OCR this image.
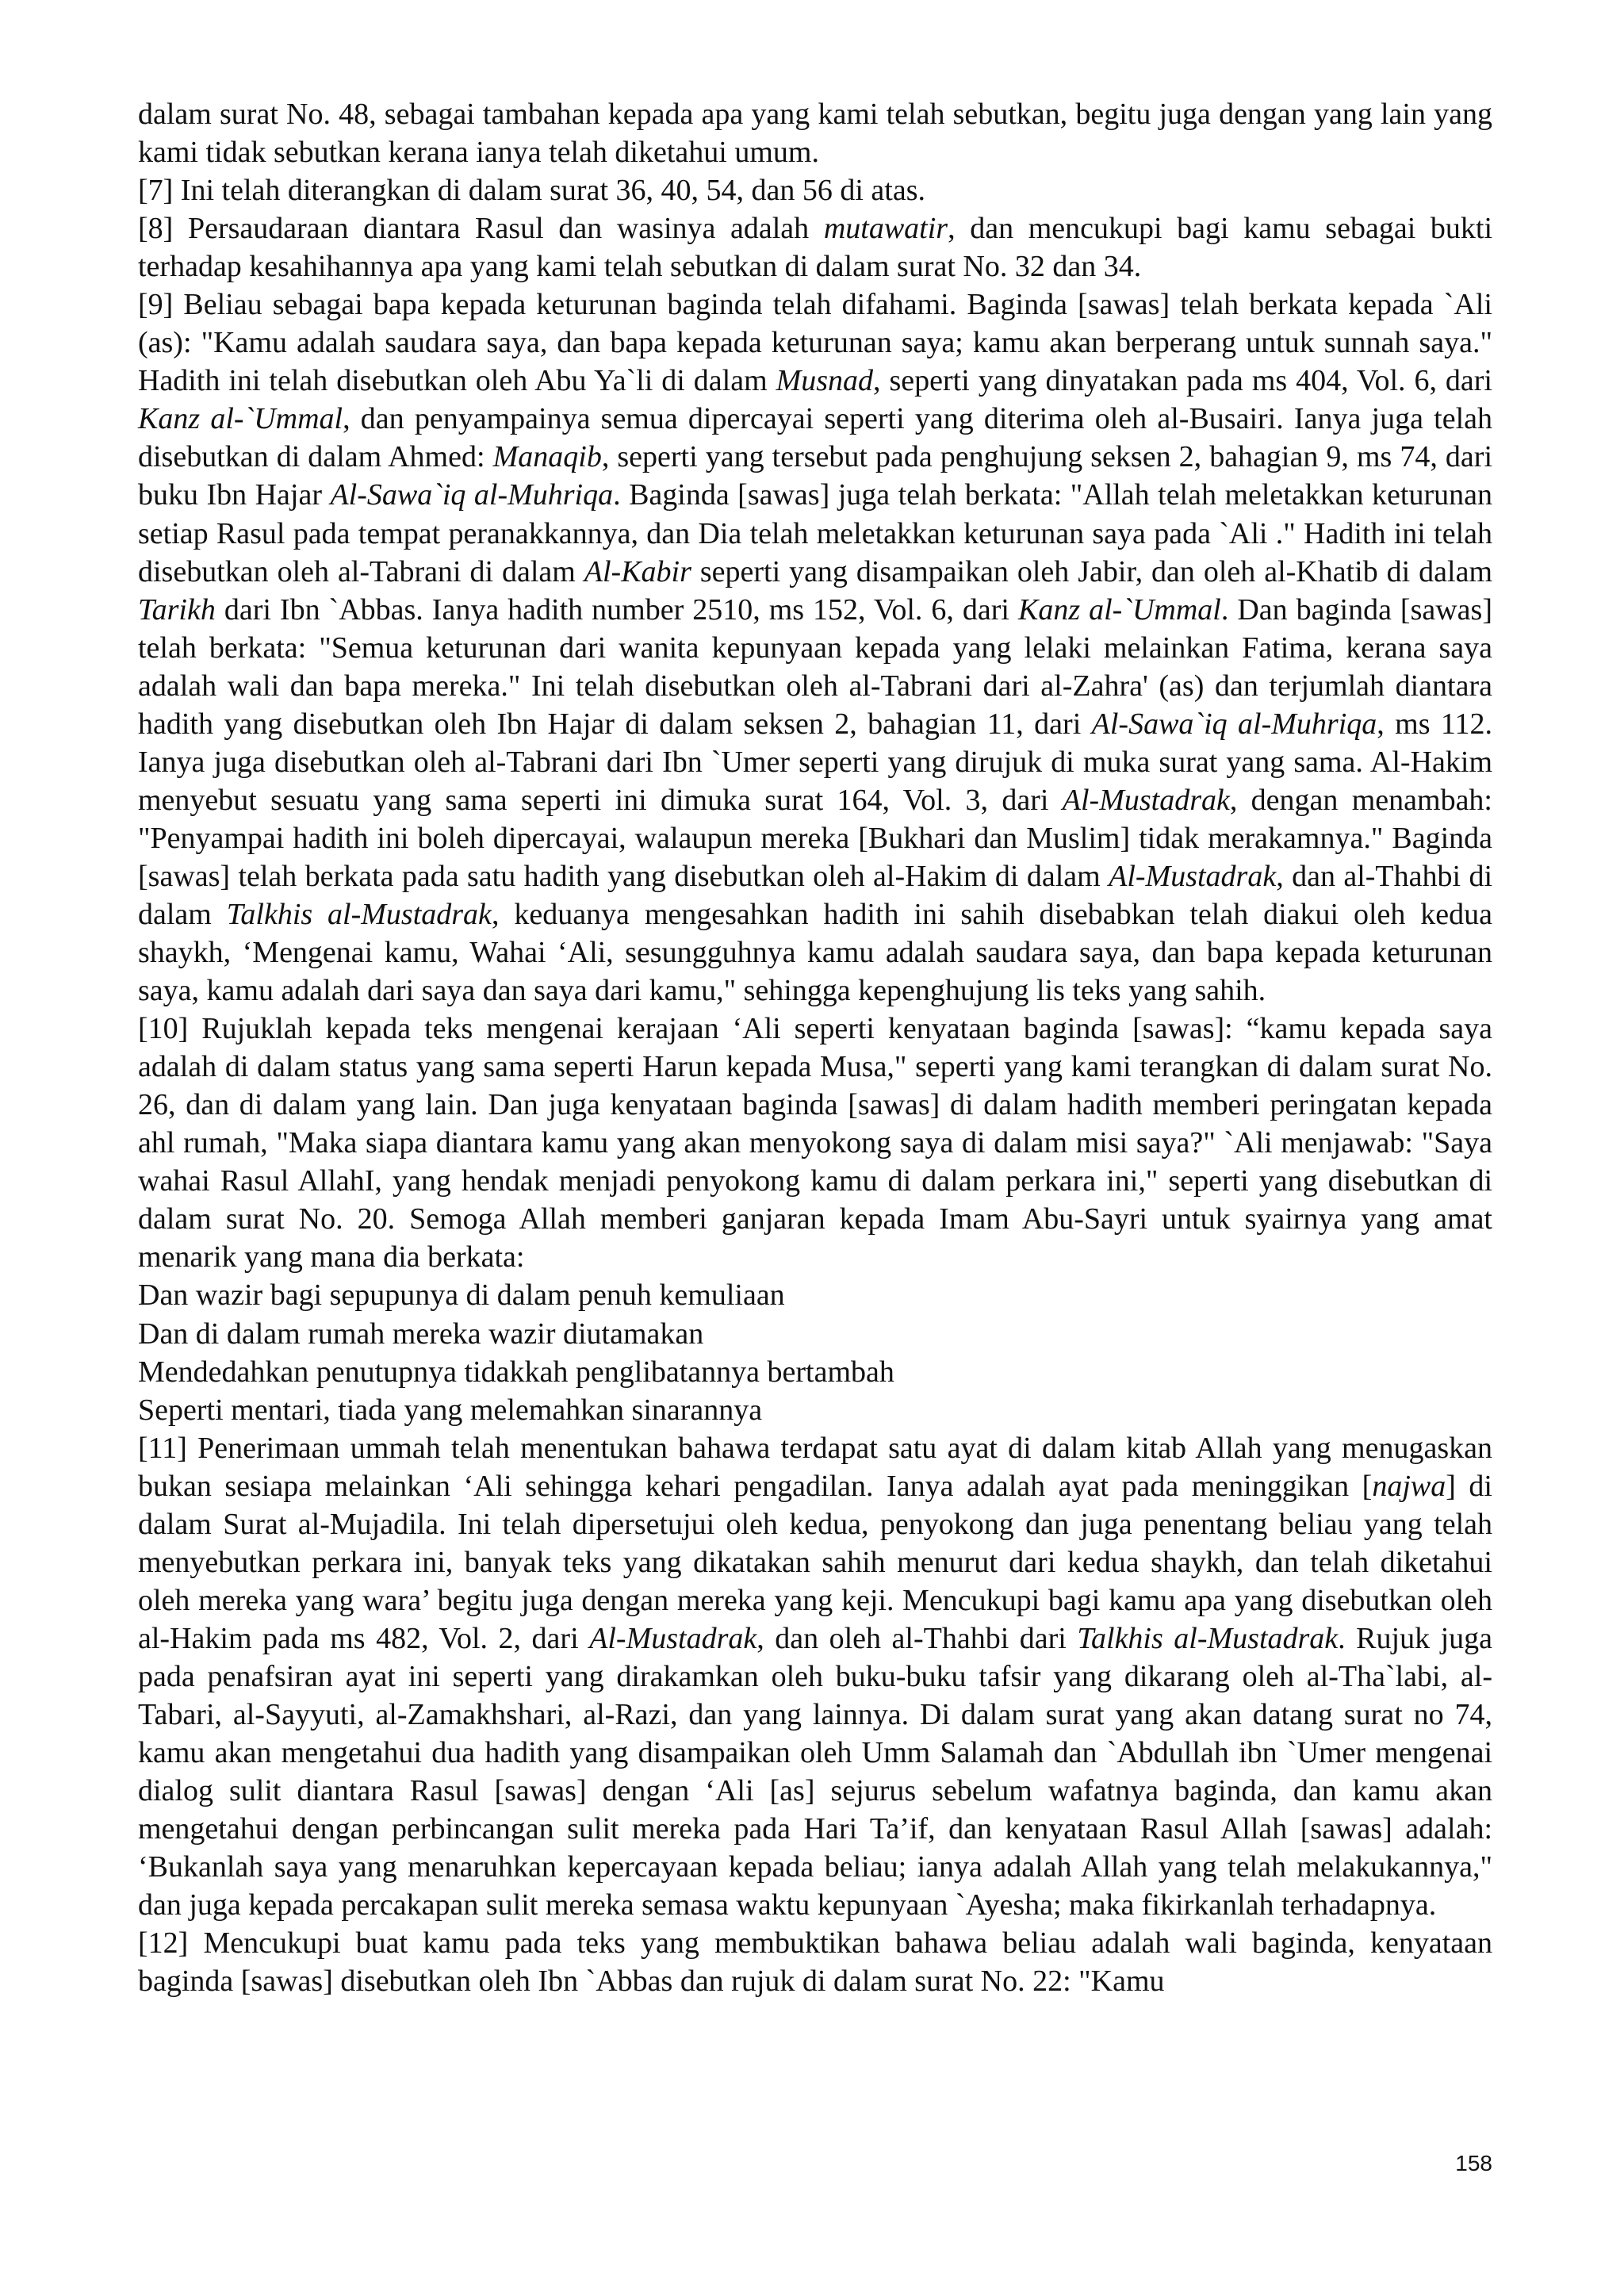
dalam surat No. 48, sebagai tambahan kepada apa yang kami telah sebutkan, begitu juga dengan yang lain yang kami tidak sebutkan kerana ianya telah diketahui umum.

[7] Ini telah diterangkan di dalam surat 36, 40, 54, dan 56 di atas.

[8] Persaudaraan diantara Rasul dan wasinya adalah mutawatir, dan mencukupi bagi kamu sebagai bukti terhadap kesahihannya apa yang kami telah sebutkan di dalam surat No. 32 dan 34.

[9] Beliau sebagai bapa kepada keturunan baginda telah difahami. Baginda [sawas] telah berkata kepada `Ali (as): "Kamu adalah saudara saya, dan bapa kepada keturunan saya; kamu akan berperang untuk sunnah saya." Hadith ini telah disebutkan oleh Abu Ya`li di dalam Musnad, seperti yang dinyatakan pada ms 404, Vol. 6, dari Kanz al-`Ummal, dan penyampainya semua dipercayai seperti yang diterima oleh al-Busairi. Ianya juga telah disebutkan di dalam Ahmed: Manaqib, seperti yang tersebut pada penghujung seksen 2, bahagian 9, ms 74, dari buku Ibn Hajar Al-Sawa`iq al-Muhriqa. Baginda [sawas] juga telah berkata: "Allah telah meletakkan keturunan setiap Rasul pada tempat peranakkannya, dan Dia telah meletakkan keturunan saya pada `Ali ." Hadith ini telah disebutkan oleh al-Tabrani di dalam Al-Kabir seperti yang disampaikan oleh Jabir, dan oleh al-Khatib di dalam Tarikh dari Ibn `Abbas. Ianya hadith number 2510, ms 152, Vol. 6, dari Kanz al-`Ummal. Dan baginda [sawas] telah berkata: "Semua keturunan dari wanita kepunyaan kepada yang lelaki melainkan Fatima, kerana saya adalah wali dan bapa mereka." Ini telah disebutkan oleh al-Tabrani dari al-Zahra' (as) dan terjumlah diantara hadith yang disebutkan oleh Ibn Hajar di dalam seksen 2, bahagian 11, dari Al-Sawa`iq al-Muhriqa, ms 112. Ianya juga disebutkan oleh al-Tabrani dari Ibn `Umer seperti yang dirujuk di muka surat yang sama. Al-Hakim menyebut sesuatu yang sama seperti ini dimuka surat 164, Vol. 3, dari Al-Mustadrak, dengan menambah: "Penyampai hadith ini boleh dipercayai, walaupun mereka [Bukhari dan Muslim] tidak merakamnya." Baginda [sawas] telah berkata pada satu hadith yang disebutkan oleh al-Hakim di dalam Al-Mustadrak, dan al-Thahbi di dalam Talkhis al-Mustadrak, keduanya mengesahkan hadith ini sahih disebabkan telah diakui oleh kedua shaykh, ‘Mengenai kamu, Wahai ‘Ali, sesungguhnya kamu adalah saudara saya, dan bapa kepada keturunan saya, kamu adalah dari saya dan saya dari kamu," sehingga kepenghujung lis teks yang sahih.

[10] Rujuklah kepada teks mengenai kerajaan ‘Ali seperti kenyataan baginda [sawas]: “kamu kepada saya adalah di dalam status yang sama seperti Harun kepada Musa," seperti yang kami terangkan di dalam surat No. 26, dan di dalam yang lain. Dan juga kenyataan baginda [sawas] di dalam hadith memberi peringatan kepada ahl rumah, "Maka siapa diantara kamu yang akan menyokong saya di dalam misi saya?" `Ali menjawab: "Saya wahai Rasul AllahI, yang hendak menjadi penyokong kamu di dalam perkara ini," seperti yang disebutkan di dalam surat No. 20. Semoga Allah memberi ganjaran kepada Imam Abu-Sayri untuk syairnya yang amat menarik yang mana dia berkata:

Dan wazir bagi sepupunya di dalam penuh kemuliaan

Dan di dalam rumah mereka wazir diutamakan

Mendedahkan penutupnya tidakkah penglibatannya bertambah

Seperti mentari, tiada yang melemahkan sinarannya

[11] Penerimaan ummah telah menentukan bahawa terdapat satu ayat di dalam kitab Allah yang menugaskan bukan sesiapa melainkan ‘Ali sehingga kehari pengadilan. Ianya adalah ayat pada meninggikan [najwa] di dalam Surat al-Mujadila. Ini telah dipersetujui oleh kedua, penyokong dan juga penentang beliau yang telah menyebutkan perkara ini, banyak teks yang dikatakan sahih menurut dari kedua shaykh, dan telah diketahui oleh mereka yang wara’ begitu juga dengan mereka yang keji. Mencukupi bagi kamu apa yang disebutkan oleh al-Hakim pada ms 482, Vol. 2, dari Al-Mustadrak, dan oleh al-Thahbi dari Talkhis al-Mustadrak. Rujuk juga pada penafsiran ayat ini seperti yang dirakamkan oleh buku-buku tafsir yang dikarang oleh al-Tha`labi, al-Tabari, al-Sayyuti, al-Zamakhshari, al-Razi, dan yang lainnya. Di dalam surat yang akan datang surat no 74, kamu akan mengetahui dua hadith yang disampaikan oleh Umm Salamah dan `Abdullah ibn `Umer mengenai dialog sulit diantara Rasul [sawas] dengan ‘Ali [as] sejurus sebelum wafatnya baginda, dan kamu akan mengetahui dengan perbincangan sulit mereka pada Hari Ta’if, dan kenyataan Rasul Allah [sawas] adalah: ‘Bukanlah saya yang menaruhkan kepercayaan kepada beliau; ianya adalah Allah yang telah melakukannya," dan juga kepada percakapan sulit mereka semasa waktu kepunyaan `Ayesha; maka fikirkanlah terhadapnya.

[12] Mencukupi buat kamu pada teks yang membuktikan bahawa beliau adalah wali baginda, kenyataan baginda [sawas] disebutkan oleh Ibn `Abbas dan rujuk di dalam surat No. 22: "Kamu

158
